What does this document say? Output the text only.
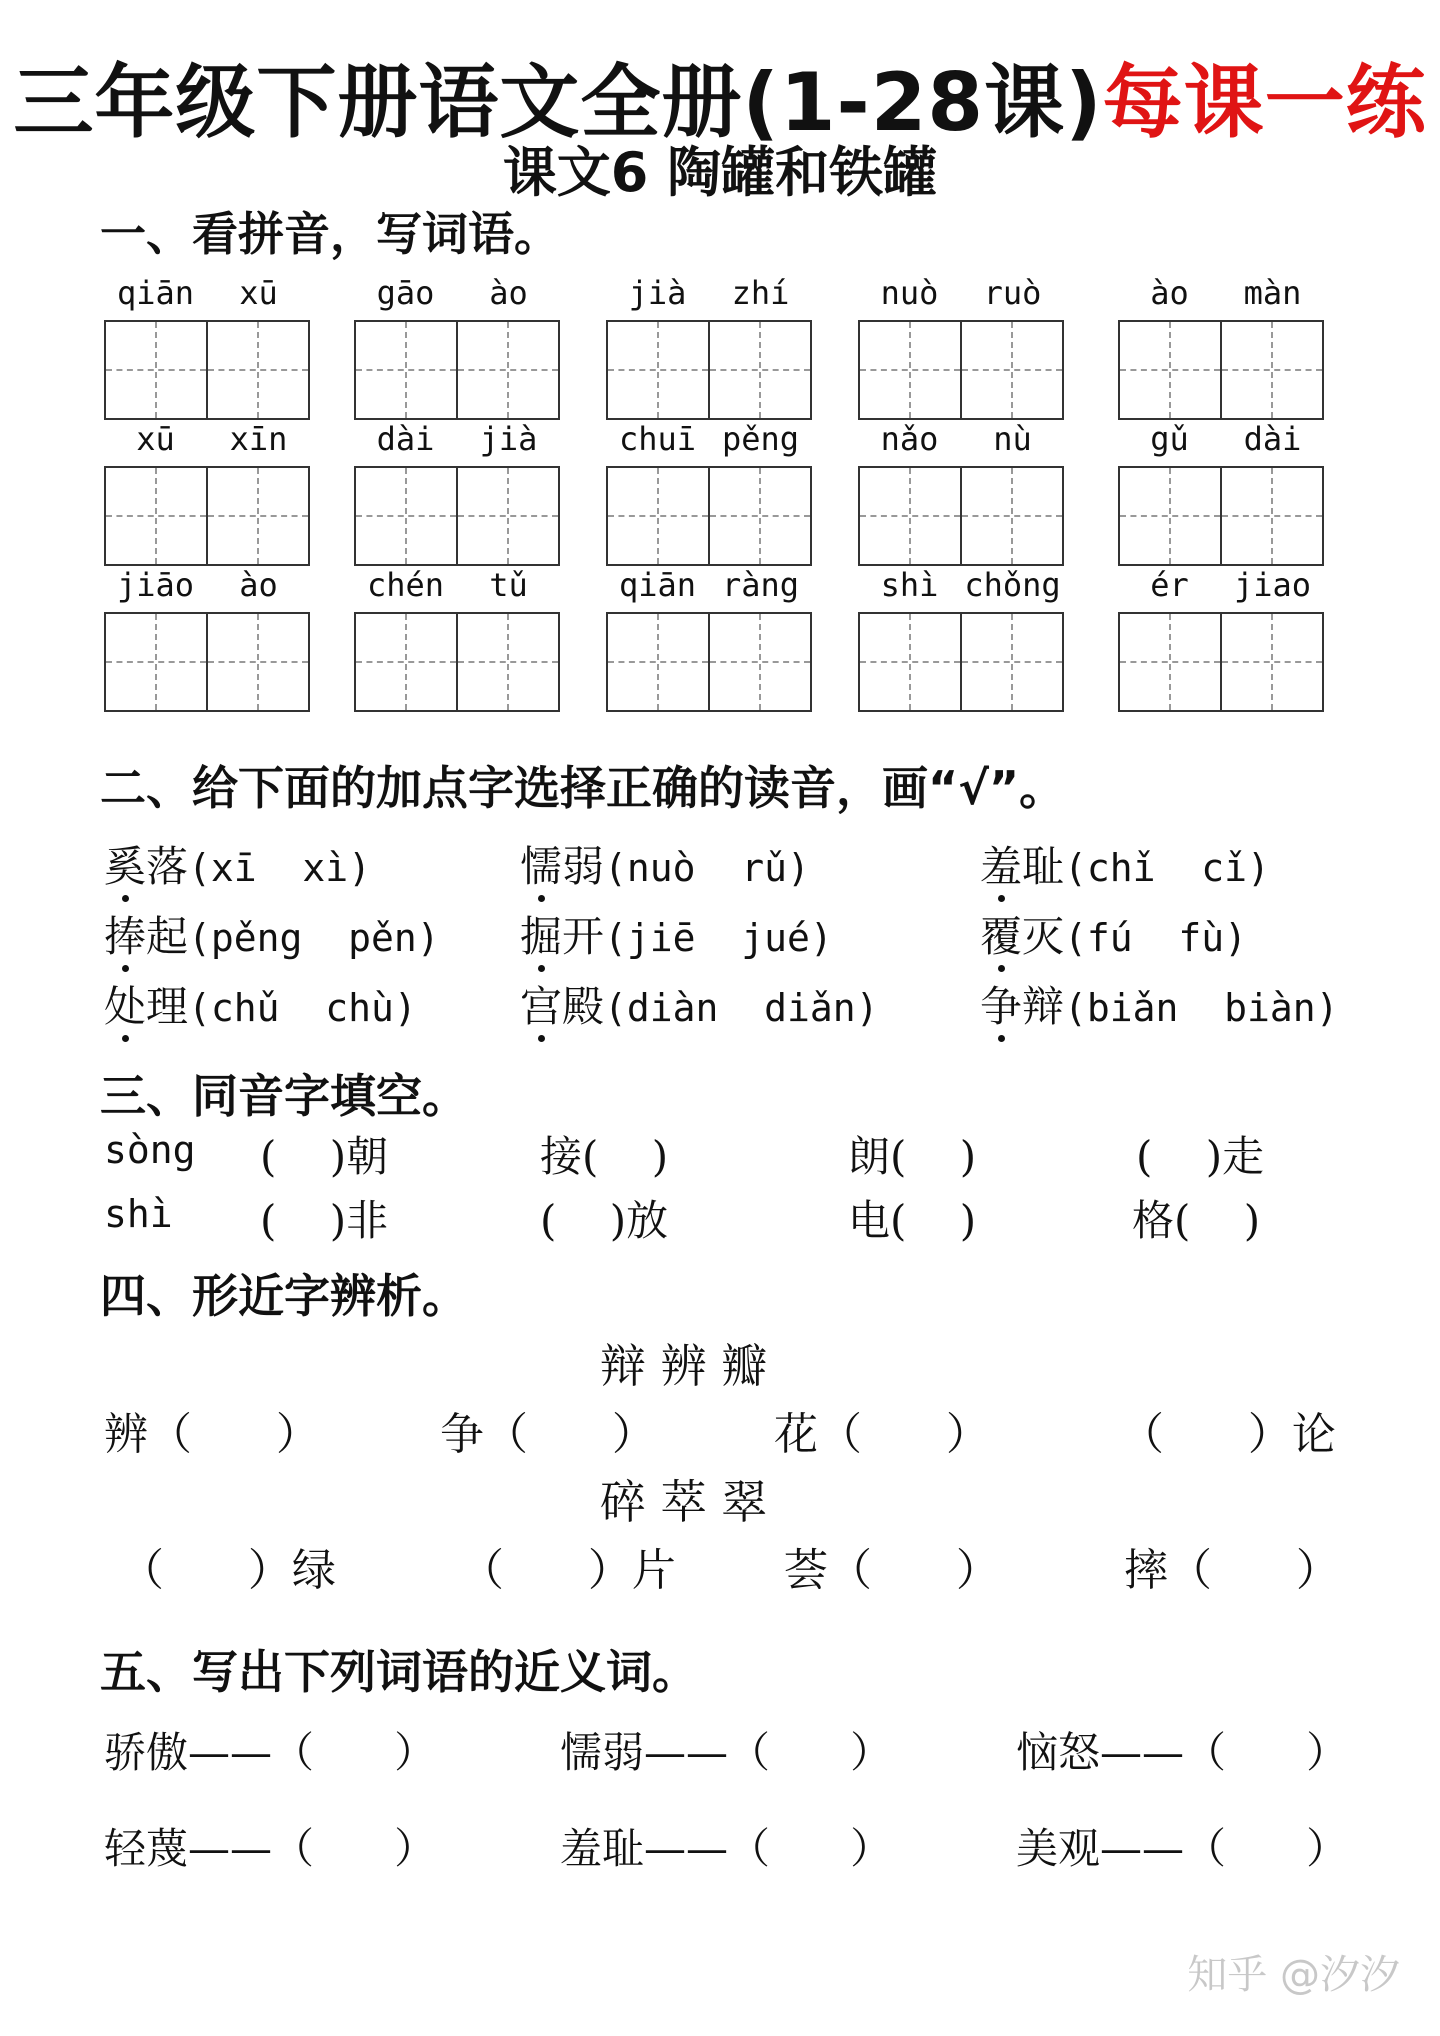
三年级下册语文全册(1-28课)每课一练
课文6 陶罐和铁罐
一、看拼音，写词语。
qiān	xū	gāo	ào	jià	zhí	nuò	ruò	ào	màn
xū	xīn	dài	jià	chuī pěng	nǎo	nù	gǔ	dài
jiāo	ào	chén	tǔ	qiān ràng	shì chǒng	ér	jiao
二、给下面的加点字选择正确的读音，画“√”。
奚落(xī  xì)	懦弱(nuò  rǔ)	羞耻(chǐ  cǐ)
捧起(pěng  pěn) 掘开(jiē  jué)	覆灭(fú  fù)
处理(chǔ  chù) 宫殿(diàn  diǎn) 争辩(biǎn  biàn)
三、同音字填空。
sòng (    )朝	接(    )	朗(    )	(    )走
shì (    )非	(    )放	电(    )	格(    )
四、形近字辨析。
辩 辨 瓣
辨（      ）	争（      ）	花（      ）	（      ）论
碎 萃 翠
（      ）绿	（      ）片 荟（      ）	摔（      ）
五、写出下列词语的近义词。
骄傲——（      ）	懦弱——（      ）	恼怒——（      ）
轻蔑——（      ）	羞耻——（      ）	美观——（      ）
知乎 @汐汐
